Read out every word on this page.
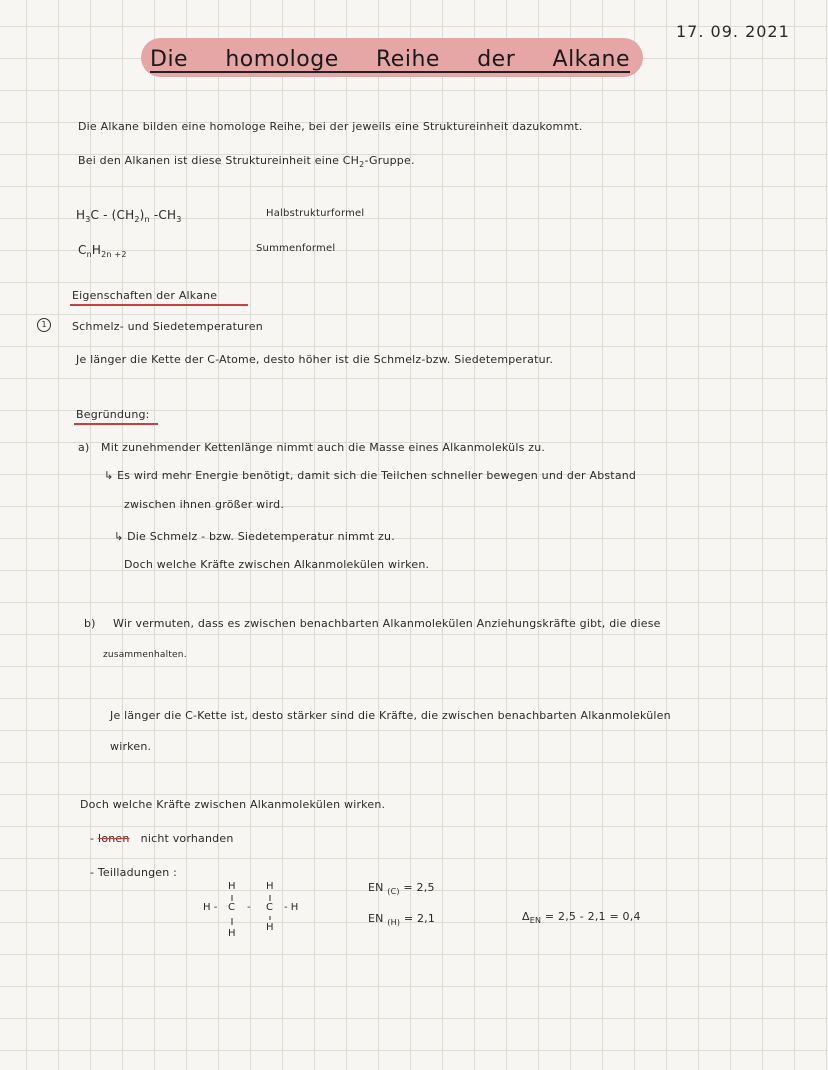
17. 09. 2021
Die homologe Reihe der Alkane
Die Alkane bilden eine homologe Reihe, bei der jeweils eine Struktureinheit dazukommt.
Bei den Alkanen ist diese Struktureinheit eine $CH_2$-Gruppe.
$H_3C - (CH_2)_n$ $-CH_3$
Halbstrukturformel
$C_nH_{2n +2}$
Summenformel
Eigenschaften der Alkane
1	Schmelz- und Siedetemperaturen
Je länger die Kette der C-Atome, desto höher ist die Schmelz-bzw. Siedetemperatur.
Begründung:
a) Mit zunehmender Kettenlänge nimmt auch die Masse eines Alkanmoleküls zu.
↳ Es wird mehr Energie benötigt, damit sich die Teilchen schneller bewegen und der Abstand
zwischen ihnen größer wird.
↳ Die Schmelz - bzw. Siedetemperatur nimmt zu.
Doch welche Kräfte zwischen Alkanmolekülen wirken.
b) Wir vermuten, dass es zwischen benachbarten Alkanmolekülen Anziehungskräfte gibt, die diese
zusammenhalten.
Je länger die C-Kette ist, desto stärker sind die Kräfte, die zwischen benachbarten Alkanmolekülen
wirken.
Doch welche Kräfte zwischen Alkanmolekülen wirken.
- Ionen nicht vorhanden
- Teilladungen :
H	H
H - C - C - H
H
H
EN $_{(C)}$ = 2,5
EN $_{(H)}$ = 2,1	$\Delta_{EN} = 2,5 - 2,1 = 0,4$
